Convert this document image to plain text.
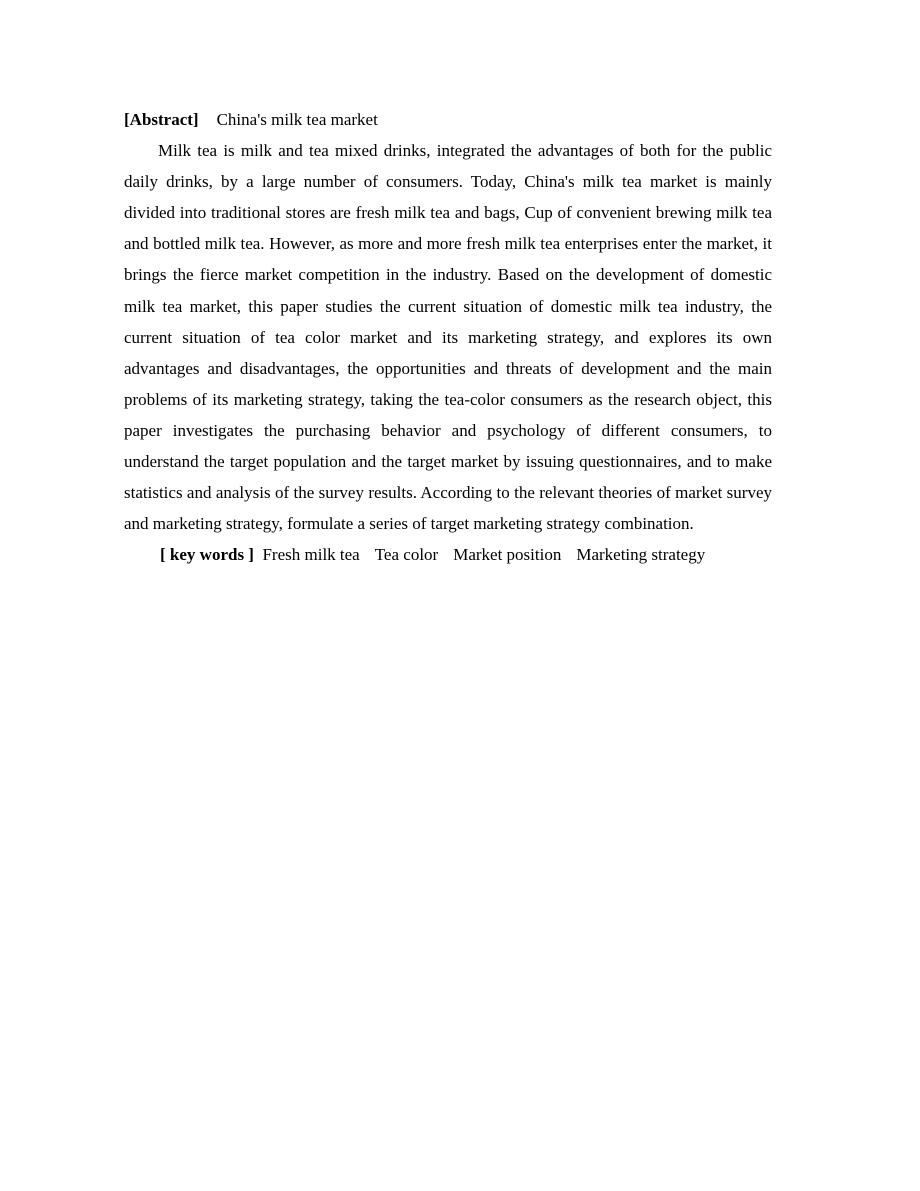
[Abstract] China's milk tea market

Milk tea is milk and tea mixed drinks, integrated the advantages of both for the public daily drinks, by a large number of consumers. Today, China's milk tea market is mainly divided into traditional stores are fresh milk tea and bags, Cup of convenient brewing milk tea and bottled milk tea. However, as more and more fresh milk tea enterprises enter the market, it brings the fierce market competition in the industry. Based on the development of domestic milk tea market, this paper studies the current situation of domestic milk tea industry, the current situation of tea color market and its marketing strategy, and explores its own advantages and disadvantages, the opportunities and threats of development and the main problems of its marketing strategy, taking the tea-color consumers as the research object, this paper investigates the purchasing behavior and psychology of different consumers, to understand the target population and the target market by issuing questionnaires, and to make statistics and analysis of the survey results. According to the relevant theories of market survey and marketing strategy, formulate a series of target marketing strategy combination.

[ key words ] Fresh milk tea Tea color Market position Marketing strategy
